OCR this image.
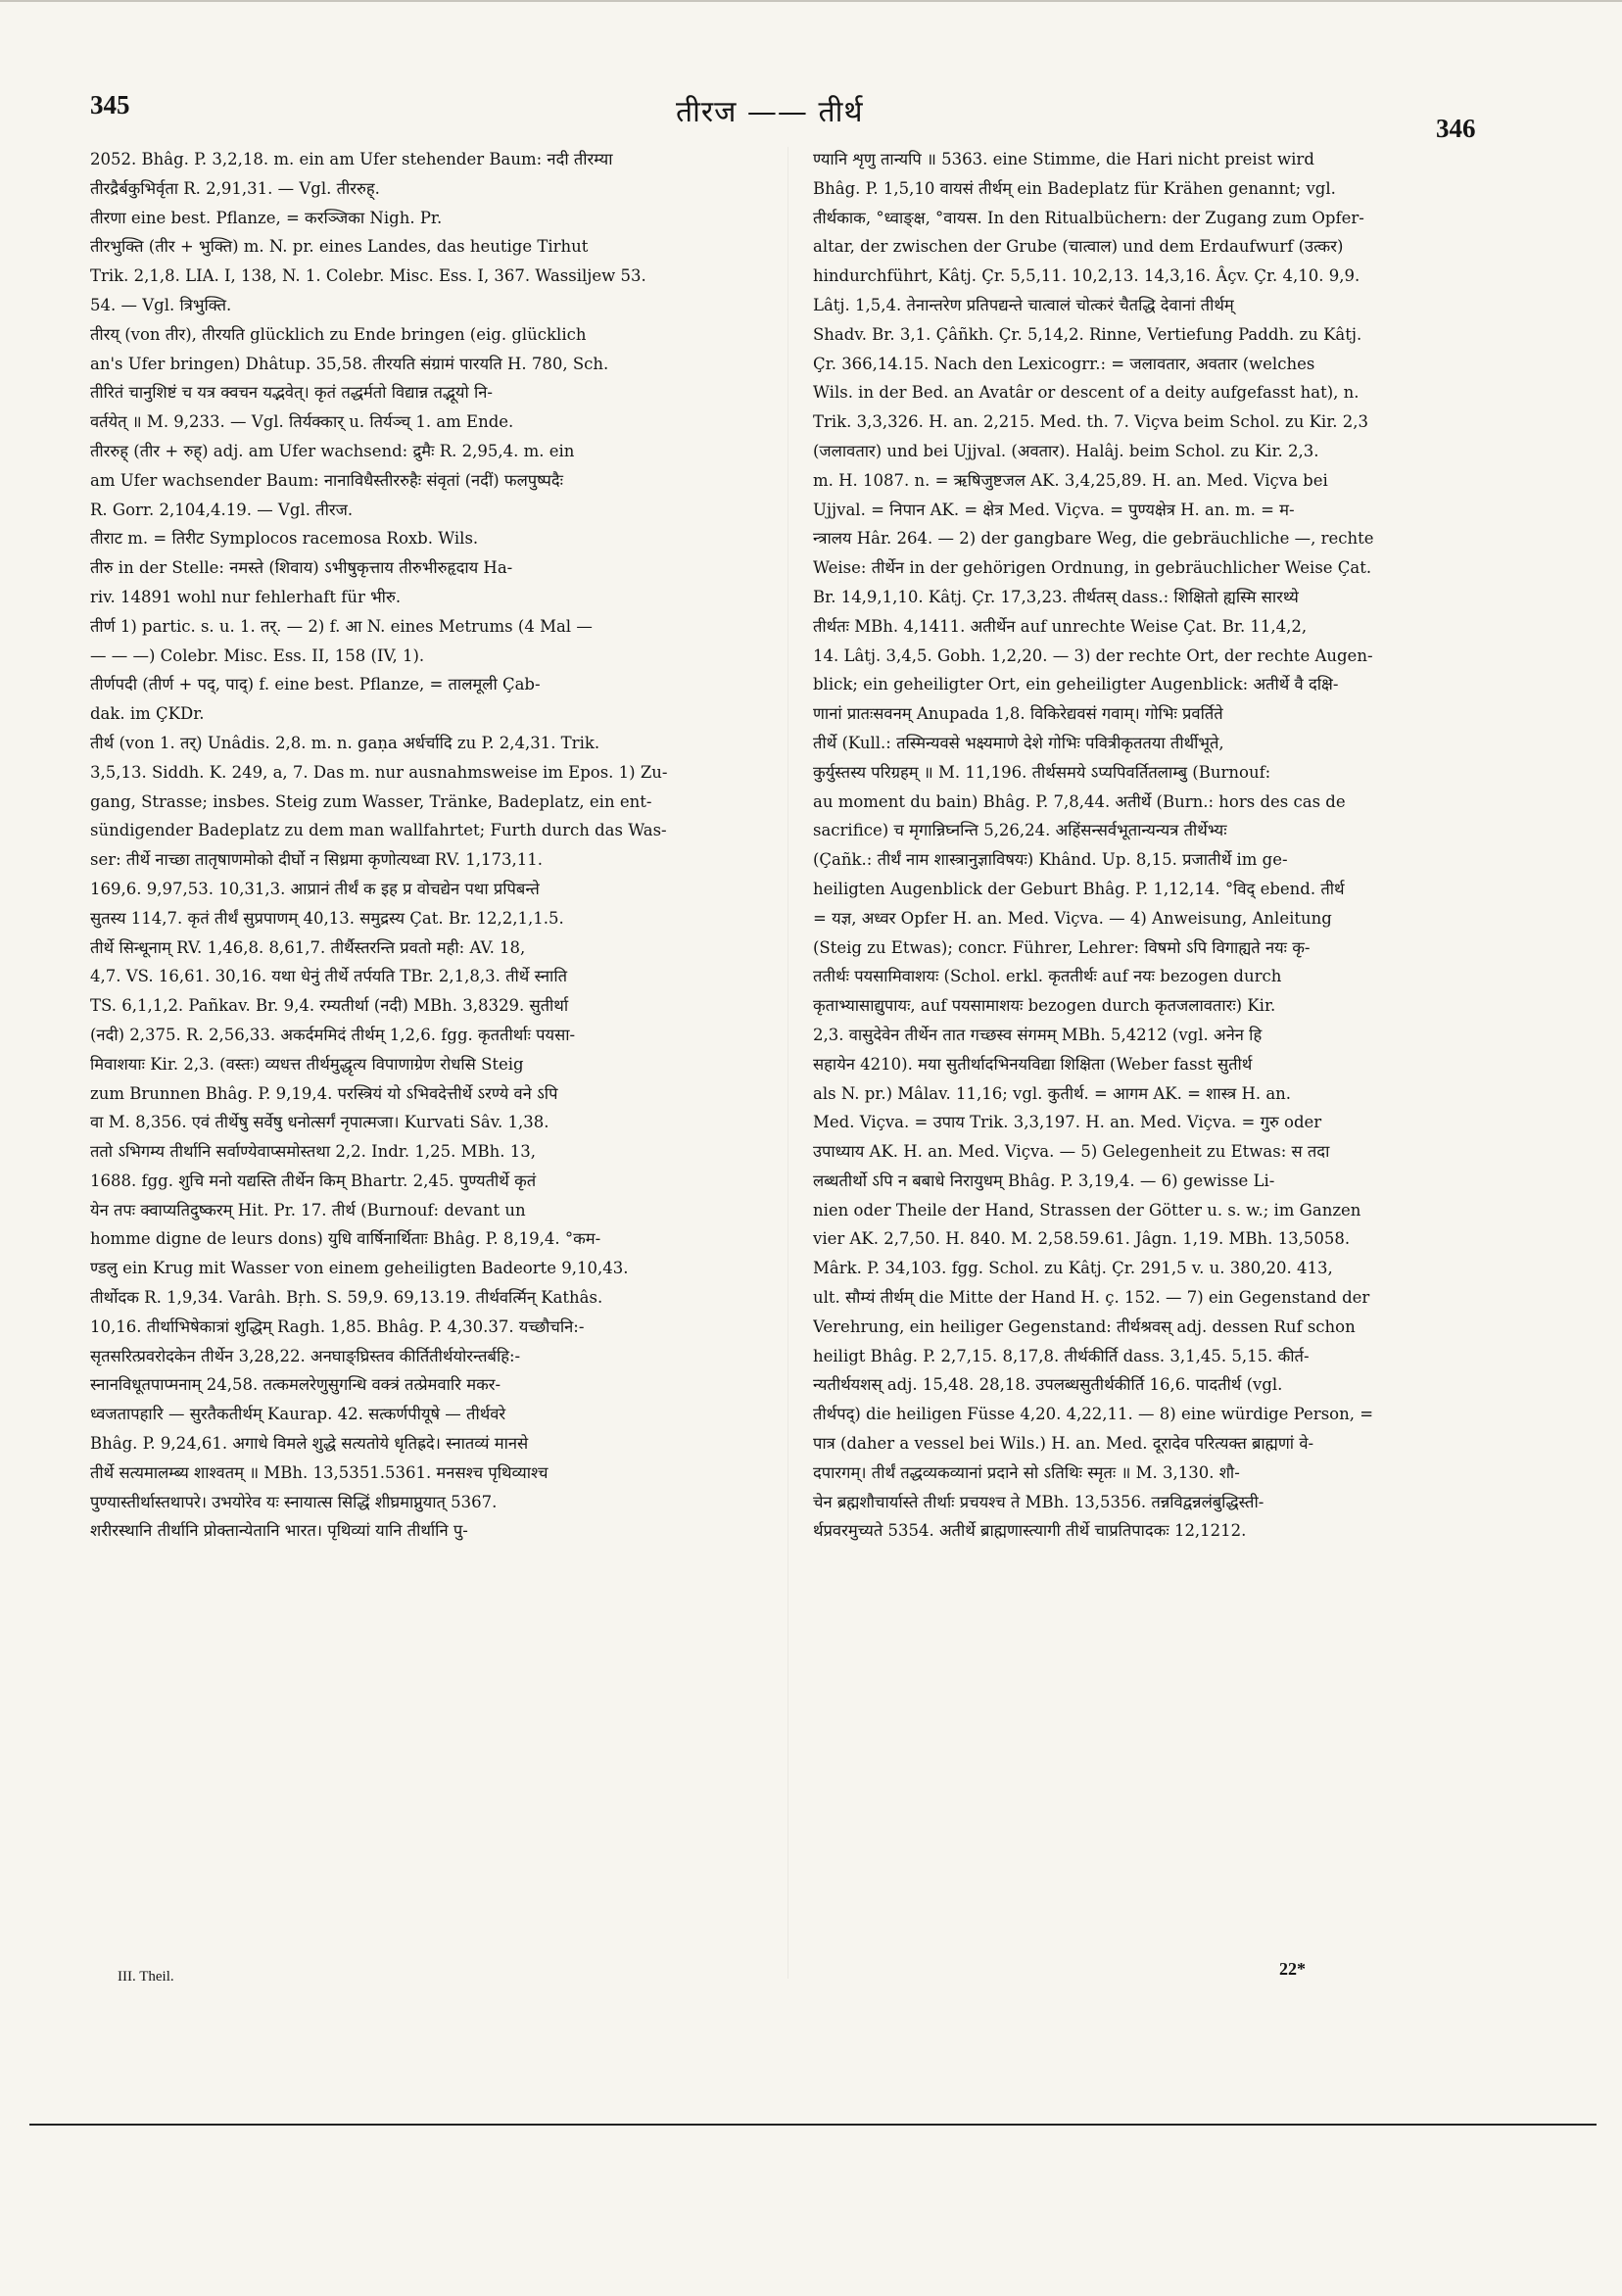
345	तीरज —— तीर्थ	346
2052. Bhâg. P. 3,2,18. m. ein am Ufer stehender Baum: नदी तीरम्या
तीरद्रैर्बकुभिर्वृता R. 2,91,31. — Vgl. तीररुह्.
तीरणा eine best. Pflanze, = करञ्जिका Nigh. Pr.
तीरभुक्ति (तीर + भुक्ति) m. N. pr. eines Landes, das heutige Tirhut
Trik. 2,1,8. LIA. I, 138, N. 1. Colebr. Misc. Ess. I, 367. Wassiljew 53.
54. — Vgl. त्रिभुक्ति.
तीरय् (von तीर), तीरयति glücklich zu Ende bringen (eig. glücklich
an's Ufer bringen) Dhâtup. 35,58. तीरयति संग्रामं पारयति H. 780, Sch.
तीरितं चानुशिष्टं च यत्र क्वचन यद्भवेत्। कृतं तद्धर्मतो विद्यान्न तद्भूयो नि-
वर्तयेत् ॥ M. 9,233. — Vgl. तिर्यक्कार् u. तिर्यञ्च् 1. am Ende.
तीररुह् (तीर + रुह्) adj. am Ufer wachsend: द्रुमैः R. 2,95,4. m. ein
am Ufer wachsender Baum: नानाविधैस्तीररुहैः संवृतां (नदीं) फलपुष्पदैः
R. Gorr. 2,104,4.19. — Vgl. तीरज.
तीराट m. = तिरीट Symplocos racemosa Roxb. Wils.
तीरु in der Stelle: नमस्ते (शिवाय) ऽभीषुकृत्ताय तीरुभीरुहृदाय Ha-
riv. 14891 wohl nur fehlerhaft für भीरु.
तीर्ण 1) partic. s. u. 1. तर्. — 2) f. आ N. eines Metrums (4 Mal —
— — —) Colebr. Misc. Ess. II, 158 (IV, 1).
तीर्णपदी (तीर्ण + पद्, पाद्) f. eine best. Pflanze, = तालमूली Çab-
dak. im ÇKDr.
तीर्थ (von 1. तर्) Unâdis. 2,8. m. n. gaṇa अर्धर्चादि zu P. 2,4,31. Trik.
3,5,13. Siddh. K. 249, a, 7. Das m. nur ausnahmsweise im Epos. 1) Zu-
gang, Strasse; insbes. Steig zum Wasser, Tränke, Badeplatz, ein ent-
sündigender Badeplatz zu dem man wallfahrtet; Furth durch das Was-
ser: तीर्थे नाच्छा तातृषाणमोको दीर्घो न सिध्रमा कृणोत्यध्वा RV. 1,173,11.
169,6. 9,97,53. 10,31,3. आप्रानं तीर्थं क इह प्र वोचद्येन पथा प्रपिबन्ते
सुतस्य 114,7. कृतं तीर्थं सुप्रपाणम् 40,13. समुद्रस्य Çat. Br. 12,2,1,1.5.
तीर्थे सिन्धूनाम् RV. 1,46,8. 8,61,7. तीर्थैस्तरन्ति प्रवतो मही: AV. 18,
4,7. VS. 16,61. 30,16. यथा धेनुं तीर्थे तर्पयति TBr. 2,1,8,3. तीर्थे स्नाति
TS. 6,1,1,2. Pañkav. Br. 9,4. रम्यतीर्था (नदी) MBh. 3,8329. सुतीर्था
(नदी) 2,375. R. 2,56,33. अकर्दममिदं तीर्थम् 1,2,6. fgg. कृततीर्थाः पयसा-
मिवाशयाः Kir. 2,3. (वस्तः) व्यधत्त तीर्थमुद्धृत्य विपाणाग्रेण रोधसि Steig
zum Brunnen Bhâg. P. 9,19,4. परस्त्रियं यो ऽभिवदेत्तीर्थे ऽरण्ये वने ऽपि
वा M. 8,356. एवं तीर्थेषु सर्वेषु धनोत्सर्गं नृपात्मजा। Kurvati Sâv. 1,38.
ततो ऽभिगम्य तीर्थानि सर्वाण्येवाप्समोस्तथा 2,2. Indr. 1,25. MBh. 13,
1688. fgg. शुचि मनो यद्यस्ति तीर्थेन किम् Bhartr. 2,45. पुण्यतीर्थे कृतं
येन तपः क्वाप्यतिदुष्करम् Hit. Pr. 17. तीर्थ (Burnouf: devant un
homme digne de leurs dons) युधि वार्षिनार्थिताः Bhâg. P. 8,19,4. °कम-
ण्डलु ein Krug mit Wasser von einem geheiligten Badeorte 9,10,43.
तीर्थोदक R. 1,9,34. Varâh. Bṛh. S. 59,9. 69,13.19. तीर्थवर्त्मिन् Kathâs.
10,16. तीर्थाभिषेकात्रां शुद्धिम् Ragh. 1,85. Bhâg. P. 4,30.37. यच्छौचनि:-
सृतसरित्प्रवरोदकेन तीर्थेन 3,28,22. अनघाङ्घ्रिस्तव कीर्तितीर्थयोरन्तर्बहि:-
स्नानविधूतपाप्मनाम् 24,58. तत्कमलरेणुसुगन्धि वक्त्रं तत्प्रेमवारि मकर-
ध्वजतापहारि — सुरतैकतीर्थम् Kaurap. 42. सत्कर्णपीयूषे — तीर्थवरे
Bhâg. P. 9,24,61. अगाधे विमले शुद्धे सत्यतोये धृतिह्रदे। स्नातव्यं मानसे
तीर्थे सत्यमालम्ब्य शाश्वतम् ॥ MBh. 13,5351.5361. मनसश्च पृथिव्याश्च
पुण्यास्तीर्थास्तथापरे। उभयोरेव यः स्नायात्स सिद्धिं शीघ्रमाप्नुयात् 5367.
शरीरस्थानि तीर्थानि प्रोक्तान्येतानि भारत। पृथिव्यां यानि तीर्थानि पु-
ण्यानि शृणु तान्यपि ॥ 5363. eine Stimme, die Hari nicht preist wird
Bhâg. P. 1,5,10 वायसं तीर्थम् ein Badeplatz für Krähen genannt; vgl.
तीर्थकाक, °ध्वाङ्क्ष, °वायस. In den Ritualbüchern: der Zugang zum Opfer-
altar, der zwischen der Grube (चात्वाल) und dem Erdaufwurf (उत्कर)
hindurchführt, Kâtj. Çr. 5,5,11. 10,2,13. 14,3,16. Âçv. Çr. 4,10. 9,9.
Lâtj. 1,5,4. तेनान्तरेण प्रतिपद्यन्ते चात्वालं चोत्करं चैतद्धि देवानां तीर्थम्
Shadv. Br. 3,1. Çâñkh. Çr. 5,14,2. Rinne, Vertiefung Paddh. zu Kâtj.
Çr. 366,14.15. Nach den Lexicogrr.: = जलावतार, अवतार (welches
Wils. in der Bed. an Avatâr or descent of a deity aufgefasst hat), n.
Trik. 3,3,326. H. an. 2,215. Med. th. 7. Viçva beim Schol. zu Kir. 2,3
(जलावतार) und bei Ujjval. (अवतार). Halâj. beim Schol. zu Kir. 2,3.
m. H. 1087. n. = ऋषिजुष्टजल AK. 3,4,25,89. H. an. Med. Viçva bei
Ujjval. = निपान AK. = क्षेत्र Med. Viçva. = पुण्यक्षेत्र H. an. m. = म-
न्त्रालय Hâr. 264. — 2) der gangbare Weg, die gebräuchliche —, rechte
Weise: तीर्थेन in der gehörigen Ordnung, in gebräuchlicher Weise Çat.
Br. 14,9,1,10. Kâtj. Çr. 17,3,23. तीर्थतस् dass.: शिक्षितो ह्यस्मि सारथ्ये
तीर्थतः MBh. 4,1411. अतीर्थेन auf unrechte Weise Çat. Br. 11,4,2,
14. Lâtj. 3,4,5. Gobh. 1,2,20. — 3) der rechte Ort, der rechte Augen-
blick; ein geheiligter Ort, ein geheiligter Augenblick: अतीर्थे वै दक्षि-
णानां प्रातःसवनम् Anupada 1,8. विकिरेद्यवसं गवाम्। गोभिः प्रवर्तिते
तीर्थे (Kull.: तस्मिन्यवसे भक्ष्यमाणे देशे गोभिः पवित्रीकृततया तीर्थीभूते,
कुर्युस्तस्य परिग्रहम् ॥ M. 11,196. तीर्थसमये ऽप्यपिवर्तितलाम्बु (Burnouf:
au moment du bain) Bhâg. P. 7,8,44. अतीर्थे (Burn.: hors des cas de
sacrifice) च मृगान्निघ्नन्ति 5,26,24. अहिंसन्सर्वभूतान्यन्यत्र तीर्थेभ्यः
(Çañk.: तीर्थं नाम शास्त्रानुज्ञाविषयः) Khând. Up. 8,15. प्रजातीर्थे im ge-
heiligten Augenblick der Geburt Bhâg. P. 1,12,14. °विद् ebend. तीर्थ
= यज्ञ, अध्वर Opfer H. an. Med. Viçva. — 4) Anweisung, Anleitung
(Steig zu Etwas); concr. Führer, Lehrer: विषमो ऽपि विगाह्यते नयः कृ-
ततीर्थः पयसामिवाशयः (Schol. erkl. कृततीर्थः auf नयः bezogen durch
कृताभ्यासाद्युपायः, auf पयसामाशयः bezogen durch कृतजलावतारः) Kir.
2,3. वासुदेवेन तीर्थेन तात गच्छस्व संगमम् MBh. 5,4212 (vgl. अनेन हि
सहायेन 4210). मया सुतीर्थादभिनयविद्या शिक्षिता (Weber fasst सुतीर्थ
als N. pr.) Mâlav. 11,16; vgl. कुतीर्थ. = आगम AK. = शास्त्र H. an.
Med. Viçva. = उपाय Trik. 3,3,197. H. an. Med. Viçva. = गुरु oder
उपाध्याय AK. H. an. Med. Viçva. — 5) Gelegenheit zu Etwas: स तदा
लब्धतीर्थो ऽपि न बबाधे निरायुधम् Bhâg. P. 3,19,4. — 6) gewisse Li-
nien oder Theile der Hand, Strassen der Götter u. s. w.; im Ganzen
vier AK. 2,7,50. H. 840. M. 2,58.59.61. Jâgn. 1,19. MBh. 13,5058.
Mârk. P. 34,103. fgg. Schol. zu Kâtj. Çr. 291,5 v. u. 380,20. 413,
ult. सौम्यं तीर्थम् die Mitte der Hand H. ç. 152. — 7) ein Gegenstand der
Verehrung, ein heiliger Gegenstand: तीर्थश्रवस् adj. dessen Ruf schon
heiligt Bhâg. P. 2,7,15. 8,17,8. तीर्थकीर्ति dass. 3,1,45. 5,15. कीर्त-
न्यतीर्थयशस् adj. 15,48. 28,18. उपलब्धसुतीर्थकीर्ति 16,6. पादतीर्थ (vgl.
तीर्थपद्) die heiligen Füsse 4,20. 4,22,11. — 8) eine würdige Person, =
पात्र (daher a vessel bei Wils.) H. an. Med. दूरादेव परित्यक्त ब्राह्मणां वे-
दपारगम्। तीर्थं तद्धव्यकव्यानां प्रदाने सो ऽतिथिः स्मृतः ॥ M. 3,130. शौ-
चेन ब्रह्मशौचार्यास्ते तीर्थाः प्रचयश्च ते MBh. 13,5356. तन्नविद्वन्नलंबुद्धिस्ती-
र्थप्रवरमुच्यते 5354. अतीर्थे ब्राह्मणास्त्यागी तीर्थे चाप्रतिपादकः 12,1212.
III. Theil.	22*
